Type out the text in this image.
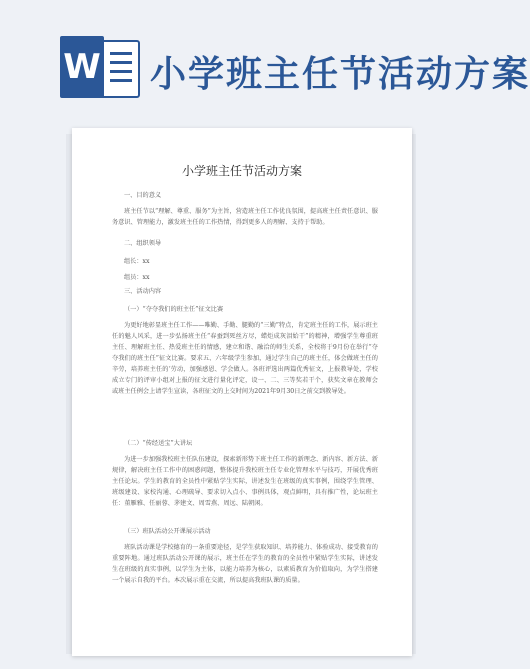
W 小学班主任节活动方案
小学班主任节活动方案
一、目的意义
班主任节以“理解、尊重、服务”为主旨，营造班主任工作优良氛围，提高班主任责任意识、服务意识、管理能力，激发班主任的工作热情，得到更多人的理解、支持于帮助。
二、组织领导
组长：xx
组员：xx
三、活动内容
（一）“夺夺我们的班主任”征文比赛
为更好地彰显班主任工作——唯勤、手勤、腿勤的“三勤”特点，肯定班主任的工作，展示班主任的魅人风采，进一步弘扬班主任“春蚕到死丝方尽，蜡炬成灰泪始干”的精神，增强学生尊重班主任、理解班主任、热爱班主任的情感，建立和谐、融洽的师生关系，全校将于9月份在举行“夺夺我们的班主任”征文比赛。要求五、六年级学生参加，通过学生自己的班主任，体会做班主任的辛劳，培养班主任的‘劳动，加强感恩、学会做人。各班评选出两篇优秀征文，上报教导处，学校成立专门的评审小组对上报的征文进行量化评定，设一、二、三等奖若干个，获奖文章在教师会或班主任例会上请学生宣读，各班征文的上交时间为2021年9月30日之前交到教导处。
（二）“传经送宝”大讲坛
为进一步加强我校班主任队伍建设，探索新形势下班主任工作的新理念、新内容、新方法、新规律，解决班主任工作中的困惑问题，整体提升我校班主任专业化管理水平与技巧，开展优秀班主任论坛。学生的教育的全员性中紧贴学生实际，讲述发生在班级的真实事例，围绕学生管理、班级建设、家校沟通、心理疏导、要求切入点小、事例具体，观点鲜明，具有推广性，论坛班主任：董雁雅、任丽蓉、茅建文、周雪燕、周远、陆朝闲。
（三）班队活动公开课展示活动
班队活动课是学校德育的一条重要途径，是学生获取知识、培养能力、体验成功、接受教育的重要阵地。通过班队活动公开课的展示，班主任在学生的教育的全员性中紧贴学生实际，讲述发生在班级的真实事例，以学生为主体，以能力培养为核心，以素质教育为价值取向，为学生搭建一个展示自我的平台。本次展示重在交流，所以提高我班队课的质量。
